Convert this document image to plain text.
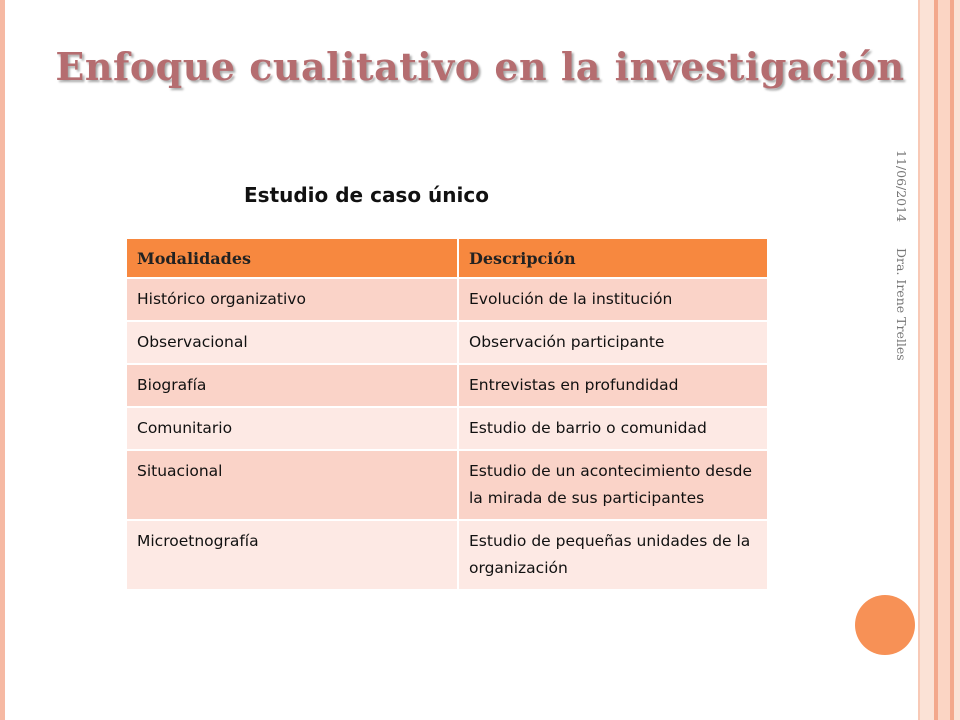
Enfoque cualitativo en la investigación
Estudio de caso único	11/06/2014
Dra. Irene Trelles
Modalidades	Descripción
Histórico organizativo	Evolución de la institución
Observacional	Observación participante
Biografía	Entrevistas en profundidad
Comunitario	Estudio de barrio o comunidad
Situacional	Estudio de un acontecimiento desde la mirada de sus participantes
Microetnografía	Estudio de pequeñas unidades de la organización
